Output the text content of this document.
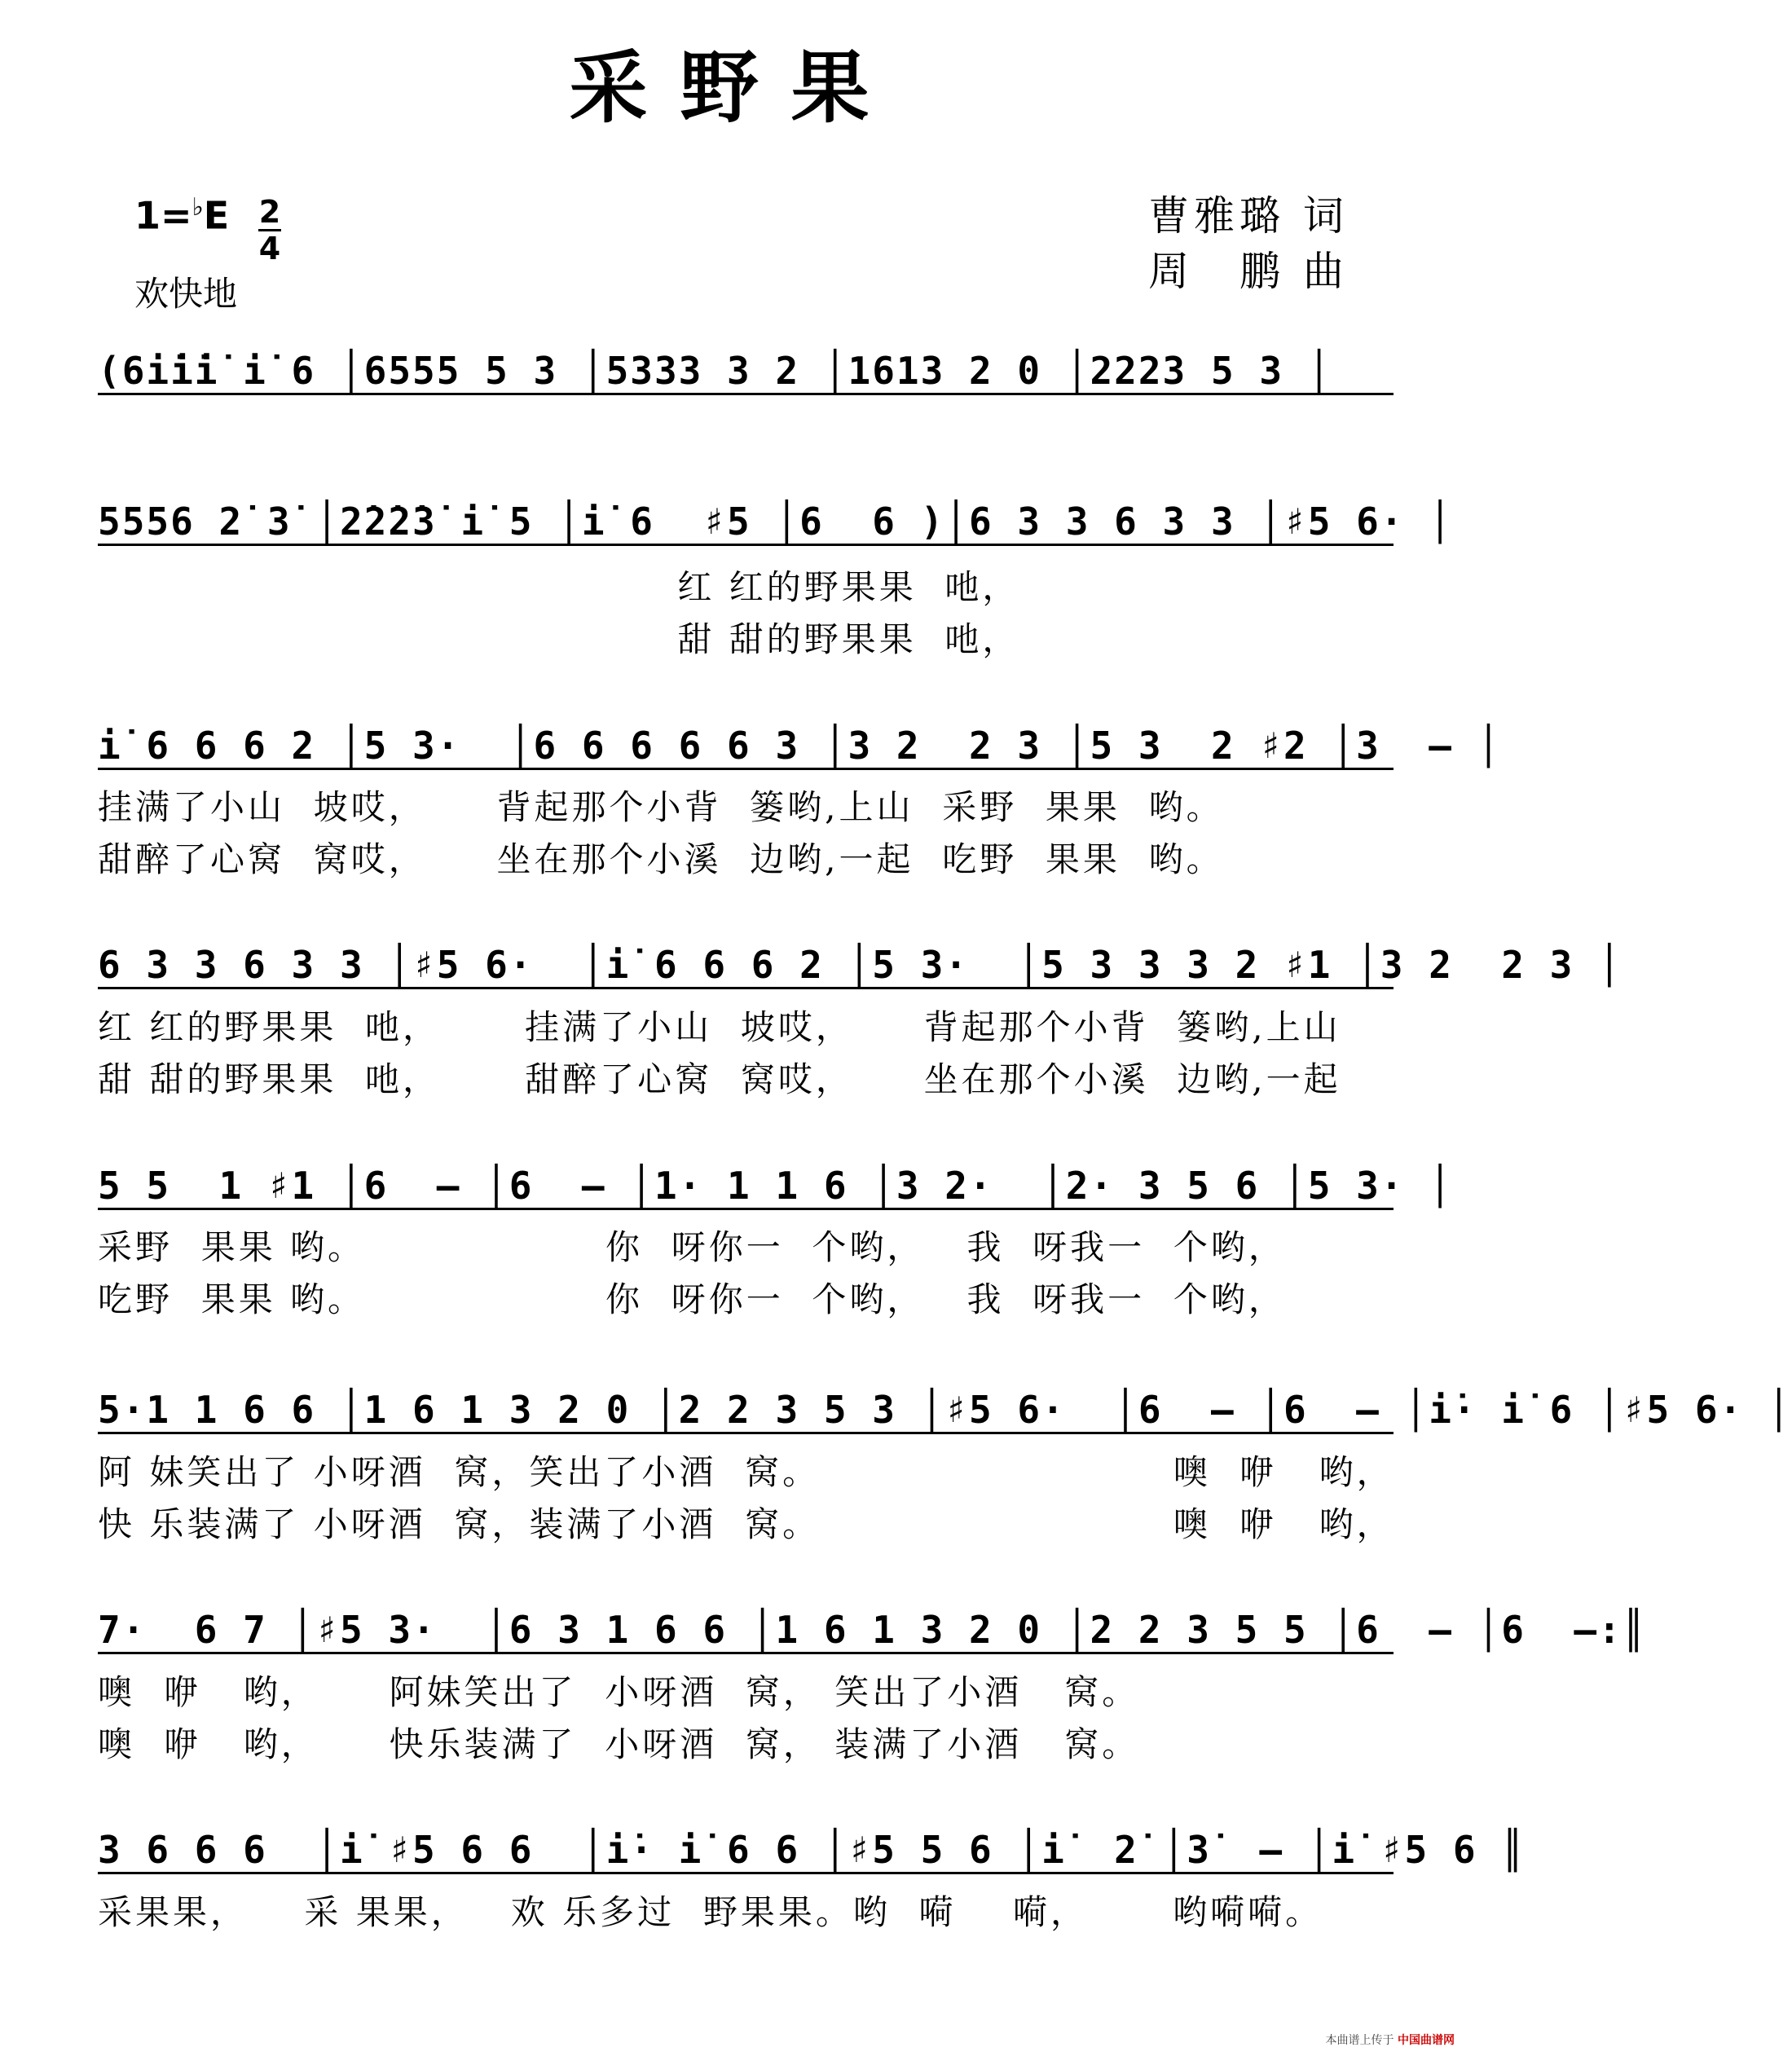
采野果
1=♭E 2
4
欢快地
曹雅璐 词
周　鹏 曲
(6i̇i̇i̇ i̇ 6 │6555 5 3 │5333 3 2 │1613 2 0 │2223 5 3 │
5556 2̇ 3̇ │2̇2̇2̇3̇ i̇ 5 │i̇ 6  ♯5 │6  6 )│6 3 3 6 3 3 │♯5 6· │
红 红的野果果  吔，
甜 甜的野果果  吔，
i̇ 6 6 6 2 │5 3·  │6 6 6 6 6 3 │3 2  2 3 │5 3  2 ♯2 │3  – │
挂满了小山  坡哎，     背起那个小背  篓哟,上山  采野  果果  哟。
甜醉了心窝  窝哎，     坐在那个小溪  边哟,一起  吃野  果果  哟。
6 3 3 6 3 3 │♯5 6·  │i̇ 6 6 6 2 │5 3·  │5 3 3 3 2 ♯1 │3 2  2 3 │
红 红的野果果  吔，      挂满了小山  坡哎，     背起那个小背  篓哟,上山
甜 甜的野果果  吔，      甜醉了心窝  窝哎，     坐在那个小溪  边哟,一起
5 5  1 ♯1 │6  – │6  – │1· 1 1 6 │3 2·  │2· 3 5 6 │5 3· │
采野  果果 哟。                 你  呀你一  个哟，   我  呀我一  个哟，
吃野  果果 哟。                 你  呀你一  个哟，   我  呀我一  个哟，
5·1 1 6 6 │1 6 1 3 2 0 │2 2 3 5 3 │♯5 6·  │6  – │6  – │i̇· i̇ 6 │♯5 6· │
阿 妹笑出了 小呀酒  窝，笑出了小酒  窝。                         噢  咿   哟，
快 乐装满了 小呀酒  窝，装满了小酒  窝。                         噢  咿   哟，
7·  6 7 │♯5 3·  │6 3 1 6 6 │1 6 1 3 2 0 │2 2 3 5 5 │6  – │6  –:║
噢  咿   哟，     阿妹笑出了  小呀酒  窝， 笑出了小酒   窝。
噢  咿   哟，     快乐装满了  小呀酒  窝， 装满了小酒   窝。
3 6 6 6  │i̇ ♯5 6 6  │i̇· i̇ 6 6 │♯5 5 6 │i̇  2̇ │3̇  – │i̇ ♯5 6 ║
采果果，    采 果果，   欢 乐多过  野果果。哟  嗬    嗬，      哟嗬嗬。
本曲谱上传于 中国曲谱网
